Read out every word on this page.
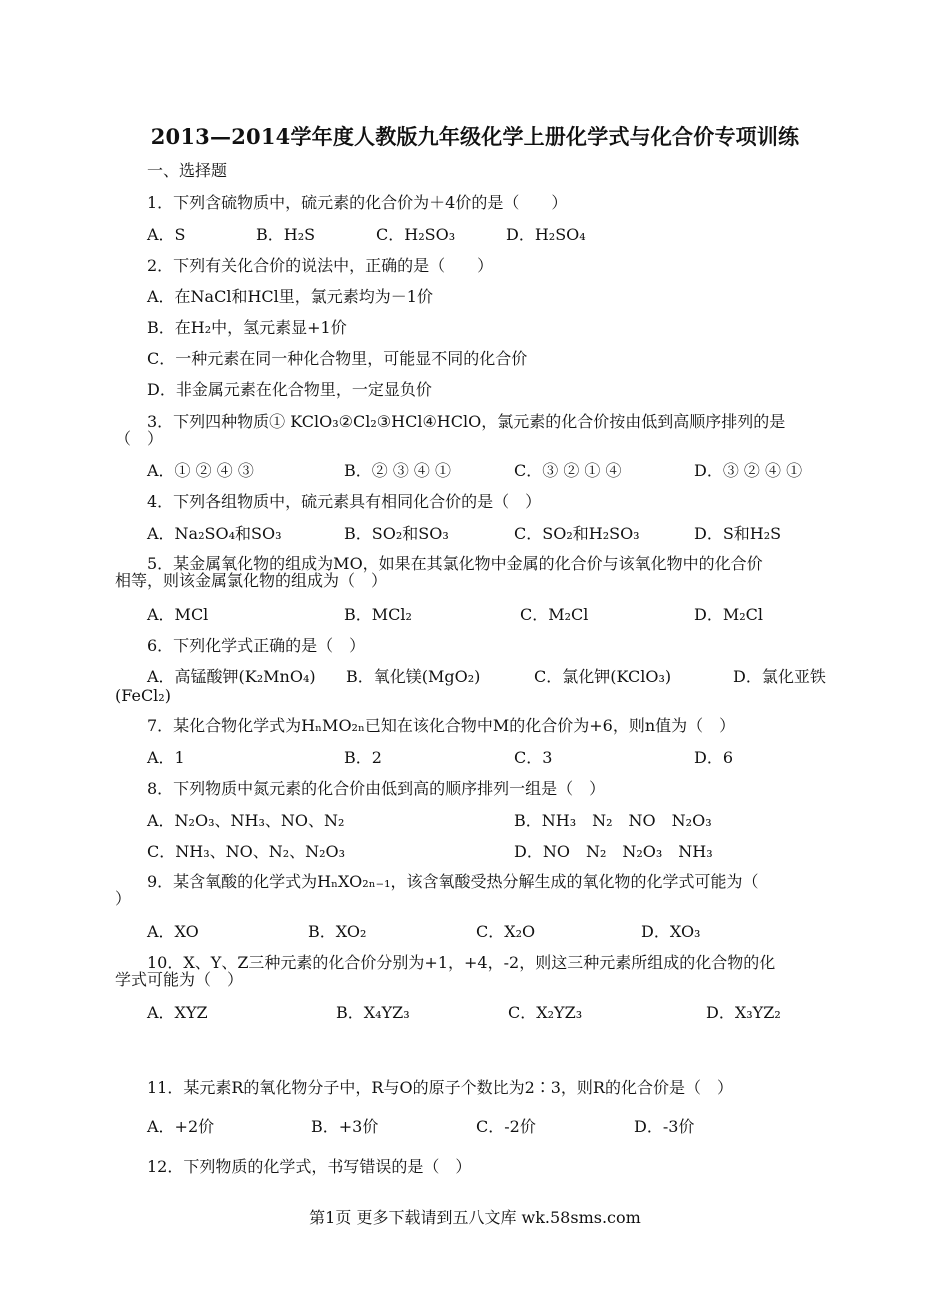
2013—2014学年度人教版九年级化学上册化学式与化合价专项训练
一、选择题
1．下列含硫物质中，硫元素的化合价为＋4价的是（　　）
A．S	B．H₂S	C．H₂SO₃	D．H₂SO₄
2．下列有关化合价的说法中，正确的是（　　）
A．在NaCl和HCl里，氯元素均为－1价
B．在H₂中，氢元素显+1价
C．一种元素在同一种化合物里，可能显不同的化合价
D．非金属元素在化合物里，一定显负价
3．下列四种物质① KClO₃②Cl₂③HCl④HClO，氯元素的化合价按由低到高顺序排列的是
（　）
A．① ② ④ ③	B．② ③ ④ ①	C．③ ② ① ④	D．③ ② ④ ①
4．下列各组物质中，硫元素具有相同化合价的是（　）
A．Na₂SO₄和SO₃	B．SO₂和SO₃	C．SO₂和H₂SO₃	D．S和H₂S
5．某金属氧化物的组成为MO，如果在其氯化物中金属的化合价与该氧化物中的化合价
相等，则该金属氯化物的组成为（　）
A．MCl	B．MCl₂	C．M₂Cl	D．M₂Cl
6．下列化学式正确的是（　）
A．高锰酸钾(K₂MnO₄) B．氧化镁(MgO₂)	C．氯化钾(KClO₃)	D．氯化亚铁
(FeCl₂)
7．某化合物化学式为HₙMO₂ₙ已知在该化合物中M的化合价为+6，则n值为（　）
A．1	B．2	C．3	D．6
8．下列物质中氮元素的化合价由低到高的顺序排列一组是（　）
A．N₂O₃、NH₃、NO、N₂	B．NH₃　N₂　NO　N₂O₃
C．NH₃、NO、N₂、N₂O₃	D．NO　N₂　N₂O₃　NH₃
9．某含氧酸的化学式为HₙXO₂ₙ₋₁，该含氧酸受热分解生成的氧化物的化学式可能为（
）
A．XO	B．XO₂	C．X₂O	D．XO₃
10．X、Y、Z三种元素的化合价分别为+1，+4，-2，则这三种元素所组成的化合物的化
学式可能为（　）
A．XYZ	B．X₄YZ₃	C．X₂YZ₃	D．X₃YZ₂
11．某元素R的氧化物分子中，R与O的原子个数比为2∶3，则R的化合价是（　）
A．+2价	B．+3价	C．-2价	D．-3价
12．下列物质的化学式，书写错误的是（　）
第1页 更多下载请到五八文库 wk.58sms.com
